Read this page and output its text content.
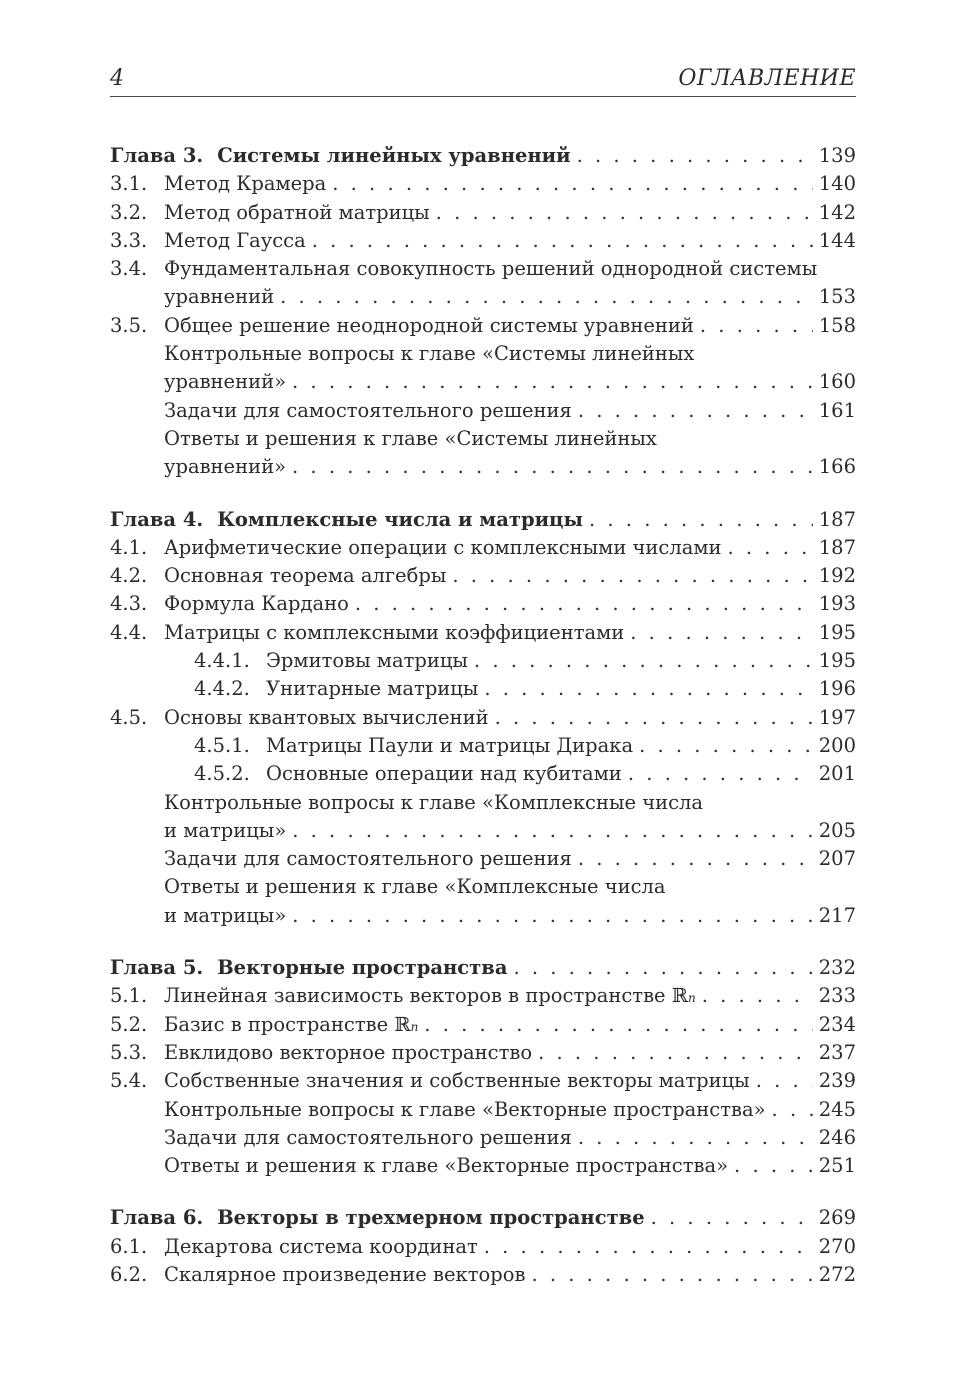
4	ОГЛАВЛЕНИЕ
Глава 3. Системы линейных уравнений . . .	139
3.1. Метод Крамера . . .	140
3.2. Метод обратной матрицы . . .	142
3.3. Метод Гаусса . . .	144
3.4. Фундаментальная совокупность решений однородной системы
уравнений . . .	153
3.5. Общее решение неоднородной системы уравнений . . .	158
Контрольные вопросы к главе «Системы линейных
уравнений» . . .	160
Задачи для самостоятельного решения . . .	161
Ответы и решения к главе «Системы линейных
уравнений» . . .	166
Глава 4. Комплексные числа и матрицы . . .	187
4.1. Арифметические операции с комплексными числами . . .	187
4.2. Основная теорема алгебры . . .	192
4.3. Формула Кардано . . .	193
4.4. Матрицы с комплексными коэффициентами . . .	195
4.4.1. Эрмитовы матрицы . . .	195
4.4.2. Унитарные матрицы . . .	196
4.5. Основы квантовых вычислений . . .	197
4.5.1. Матрицы Паули и матрицы Дирака . . .	200
4.5.2. Основные операции над кубитами . . .	201
Контрольные вопросы к главе «Комплексные числа
и матрицы» . . .	205
Задачи для самостоятельного решения . . .	207
Ответы и решения к главе «Комплексные числа
и матрицы» . . .	217
Глава 5. Векторные пространства . . .	232
5.1. Линейная зависимость векторов в пространстве ℝ n . . .	233
5.2. Базис в пространстве ℝ n . . .	234
5.3. Евклидово векторное пространство . . .	237
5.4. Собственные значения и собственные векторы матрицы . . .	239
Контрольные вопросы к главе «Векторные пространства» . . .	245
Задачи для самостоятельного решения . . .	246
Ответы и решения к главе «Векторные пространства» . . .	251
Глава 6. Векторы в трехмерном пространстве . . .	269
6.1. Декартова система координат . . .	270
6.2. Скалярное произведение векторов . . .	272
